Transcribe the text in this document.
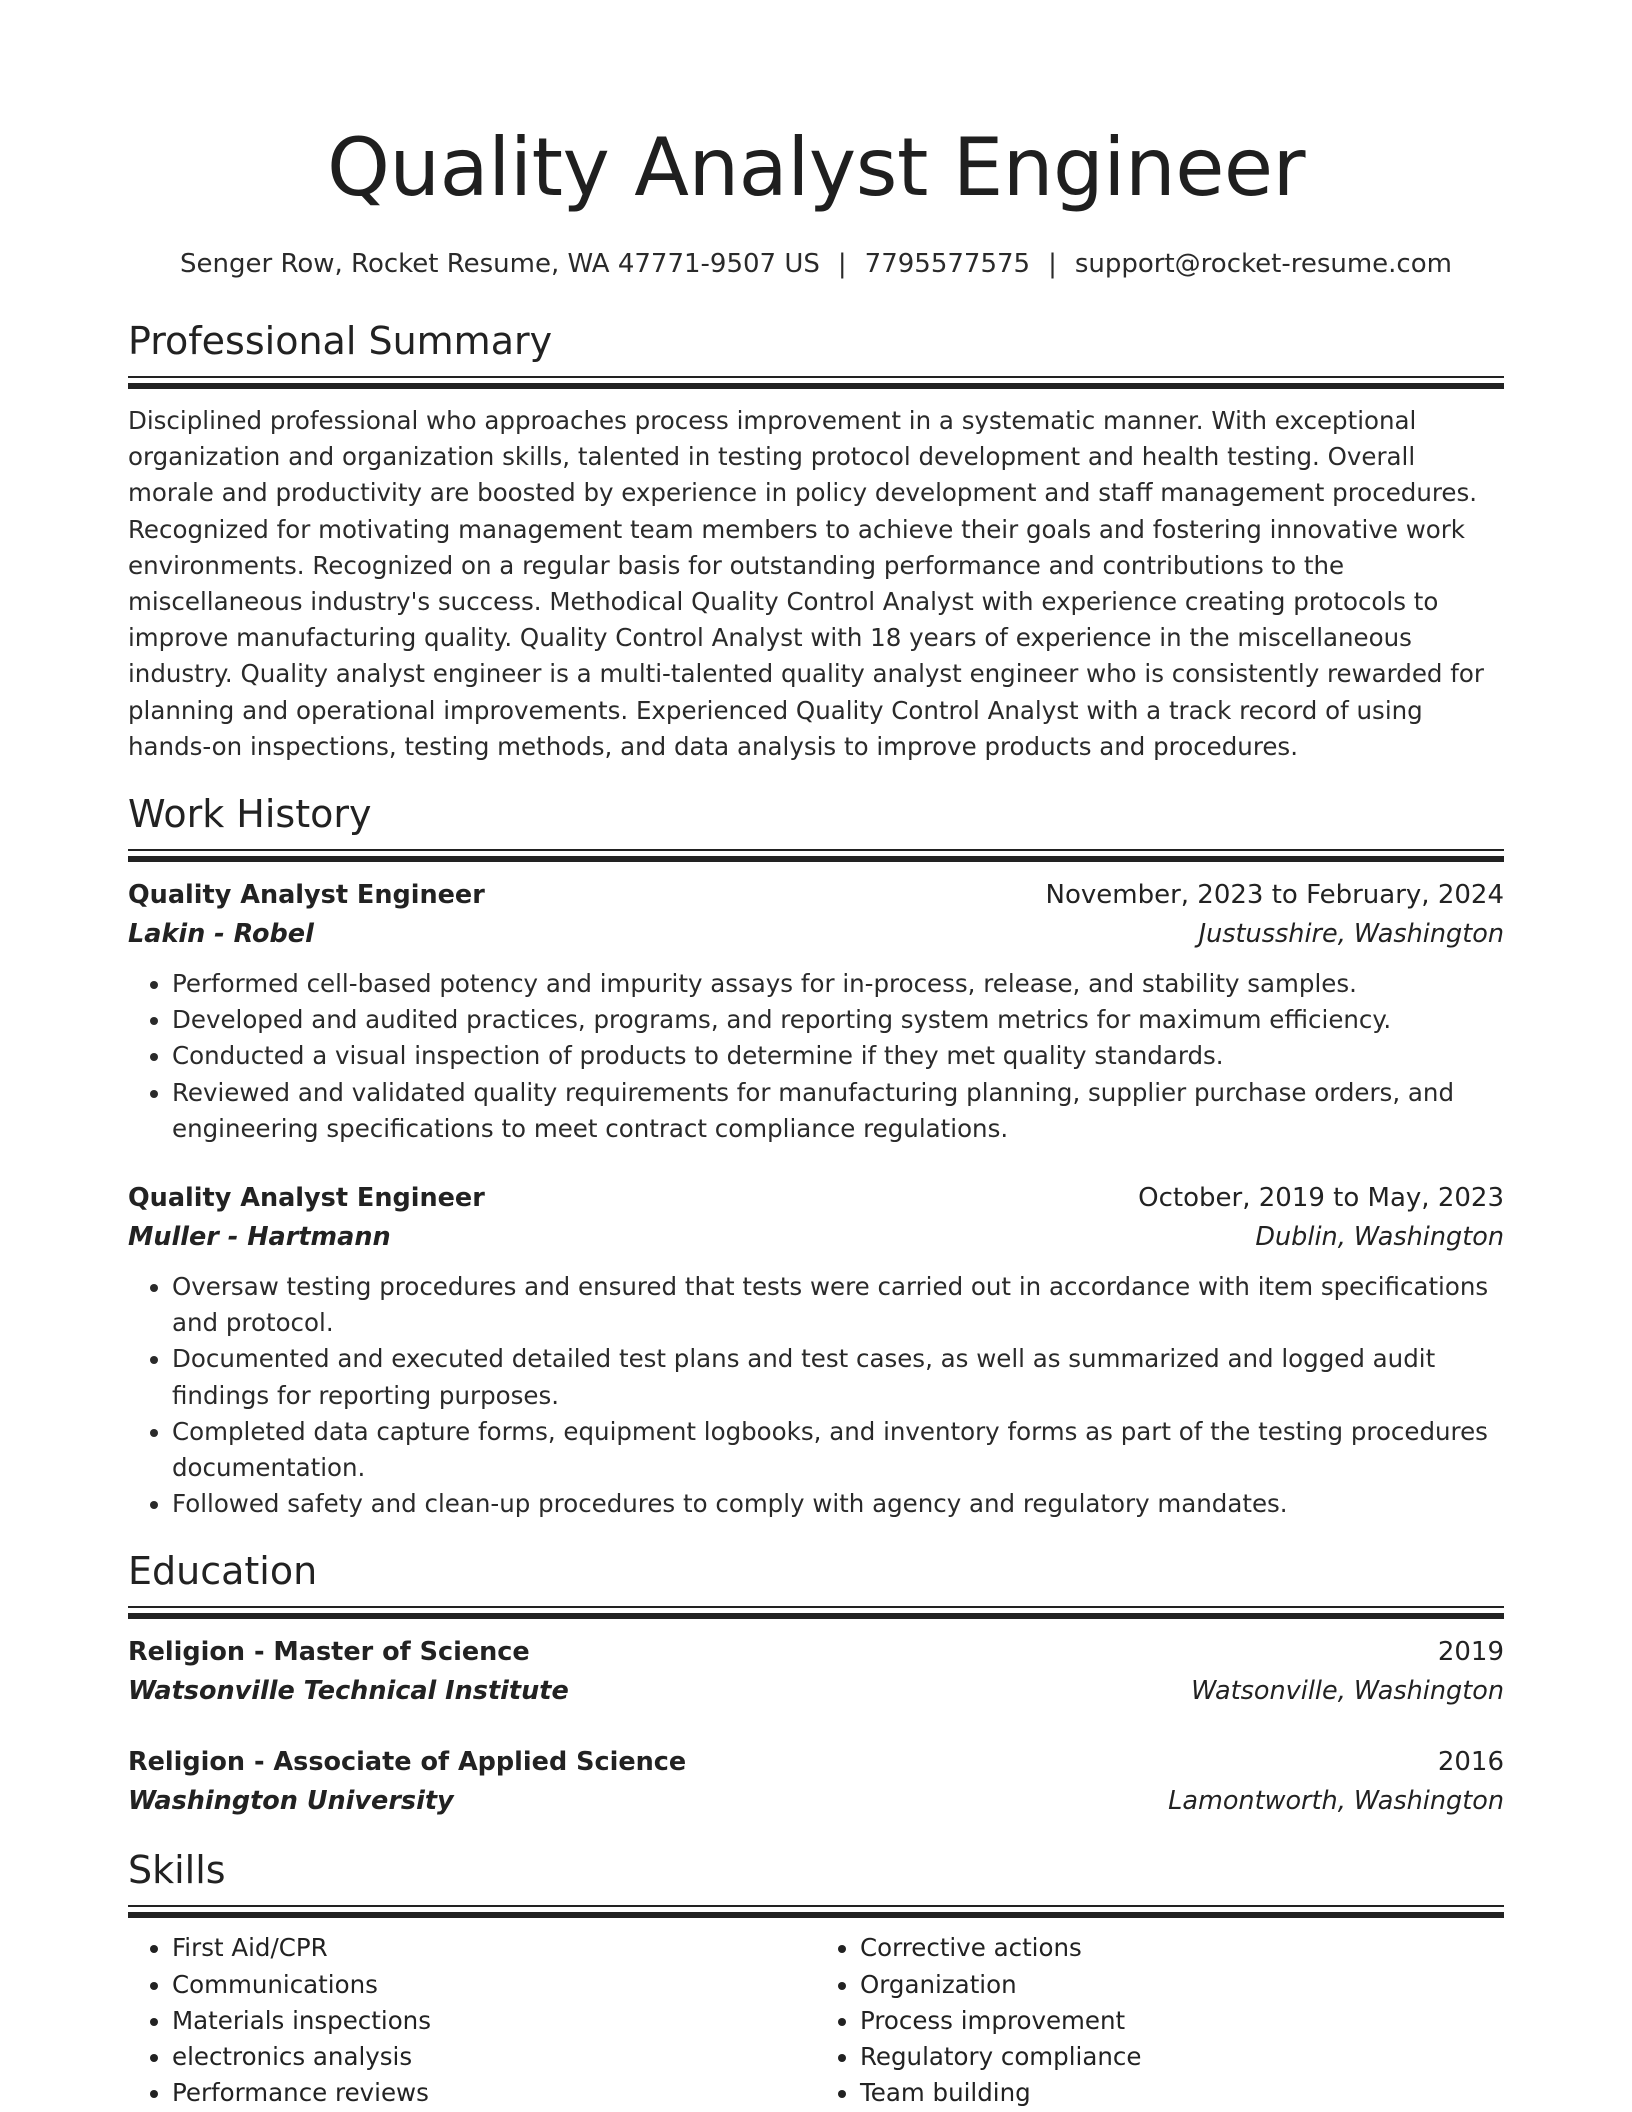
Quality Analyst Engineer
Senger Row, Rocket Resume, WA 47771-9507 US | 7795577575 | support@rocket-resume.com
Professional Summary
Disciplined professional who approaches process improvement in a systematic manner. With exceptional organization and organization skills, talented in testing protocol development and health testing. Overall morale and productivity are boosted by experience in policy development and staff management procedures. Recognized for motivating management team members to achieve their goals and fostering innovative work environments. Recognized on a regular basis for outstanding performance and contributions to the miscellaneous industry's success. Methodical Quality Control Analyst with experience creating protocols to improve manufacturing quality. Quality Control Analyst with 18 years of experience in the miscellaneous industry. Quality analyst engineer is a multi-talented quality analyst engineer who is consistently rewarded for planning and operational improvements. Experienced Quality Control Analyst with a track record of using hands-on inspections, testing methods, and data analysis to improve products and procedures.
Work History
Quality Analyst Engineer	November, 2023 to February, 2024
Lakin - Robel	Justusshire, Washington
• Performed cell-based potency and impurity assays for in-process, release, and stability samples.
• Developed and audited practices, programs, and reporting system metrics for maximum efficiency.
• Conducted a visual inspection of products to determine if they met quality standards.
• Reviewed and validated quality requirements for manufacturing planning, supplier purchase orders, and engineering specifications to meet contract compliance regulations.
Quality Analyst Engineer	October, 2019 to May, 2023
Muller - Hartmann	Dublin, Washington
• Oversaw testing procedures and ensured that tests were carried out in accordance with item specifications and protocol.
• Documented and executed detailed test plans and test cases, as well as summarized and logged audit findings for reporting purposes.
• Completed data capture forms, equipment logbooks, and inventory forms as part of the testing procedures documentation.
• Followed safety and clean-up procedures to comply with agency and regulatory mandates.
Education
Religion - Master of Science	2019
Watsonville Technical Institute	Watsonville, Washington
Religion - Associate of Applied Science	2016
Washington University	Lamontworth, Washington
Skills
• First Aid/CPR
• Communications
• Materials inspections
• electronics analysis
• Performance reviews
• Corrective actions
• Organization
• Process improvement
• Regulatory compliance
• Team building
